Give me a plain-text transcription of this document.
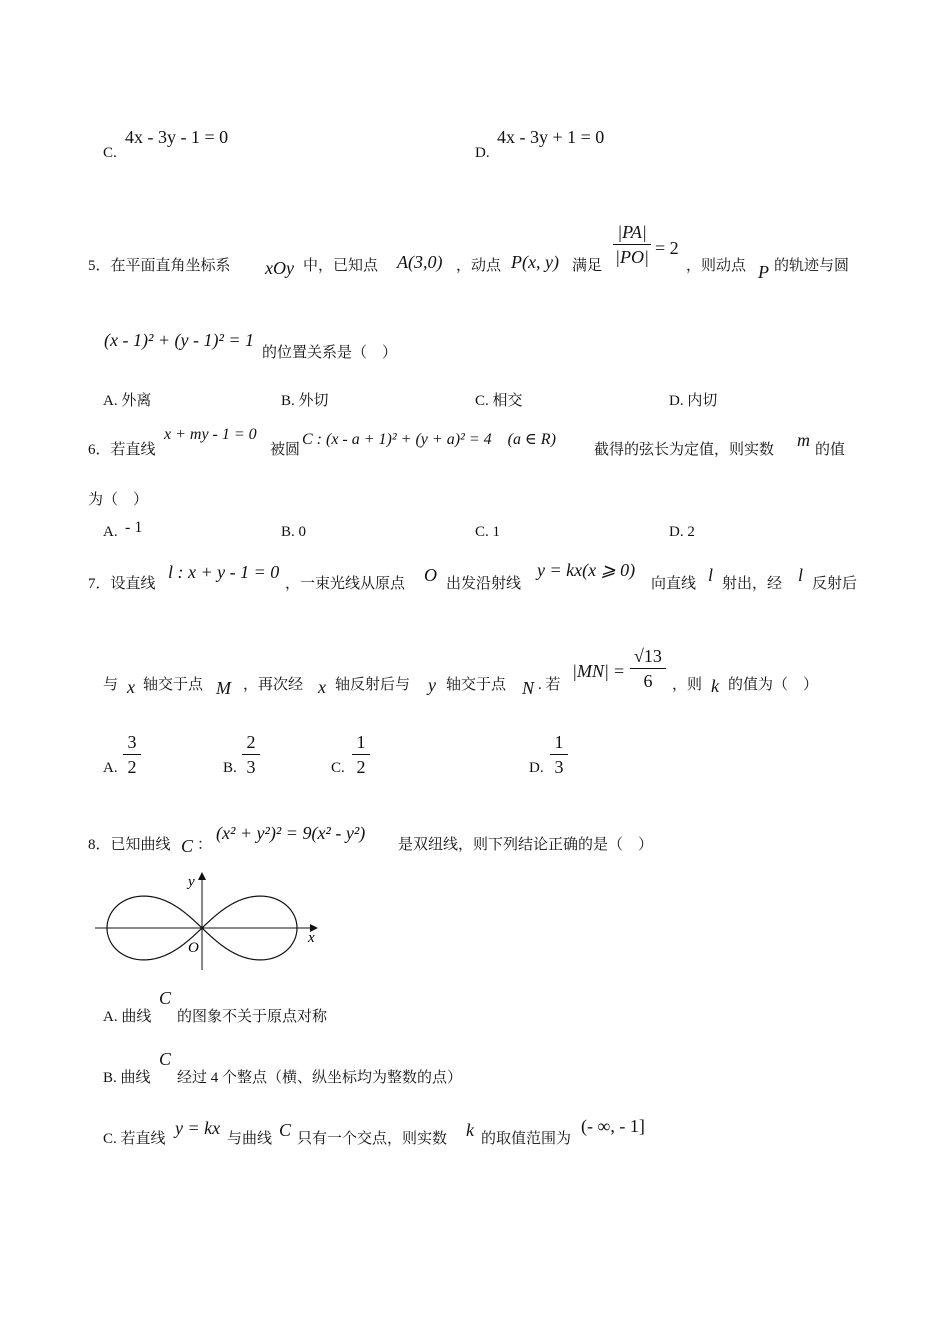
C.
4x - 3y - 1 = 0
D.
4x - 3y + 1 = 0
5．在平面直角坐标系 xOy 中，已知点 A(3,0) ，动点 P(x, y) 满足
|PA|
|PO| = 2
，则动点 P 的轨迹与圆
(x - 1)² + (y - 1)² = 1
的位置关系是（　）
A. 外离	B. 外切	C. 相交	D. 内切
6．若直线
x + my - 1 = 0
被圆
C : (x - a + 1)² + (y + a)² = 4　(a ∈ R)
截得的弦长为定值，则实数 m 的值
为（　）
A. - 1	B. 0	C. 1	D. 2
7．设直线
l : x + y - 1 = 0
，一束光线从原点 O 出发沿射线
y = kx(x ⩾ 0)
向直线 l 射出，经 l 反射后
与 x 轴交于点 M ，再次经 x 轴反射后与 y 轴交于点 N . 若
|MN| =
√13
6	，则 k 的值为（　）
A.
3
2	B.
2
3	C.
1
2	D.
1
3
8．已知曲线 C ：
(x² + y²)² = 9(x² - y²)
是双纽线，则下列结论正确的是（　）
y
x
O
A. 曲线
C
的图象不关于原点对称
B. 曲线
C
经过 4 个整点（横、纵坐标均为整数的点）
C. 若直线
y = kx
与曲线 C 只有一个交点，则实数 k 的取值范围为
(- ∞, - 1]
